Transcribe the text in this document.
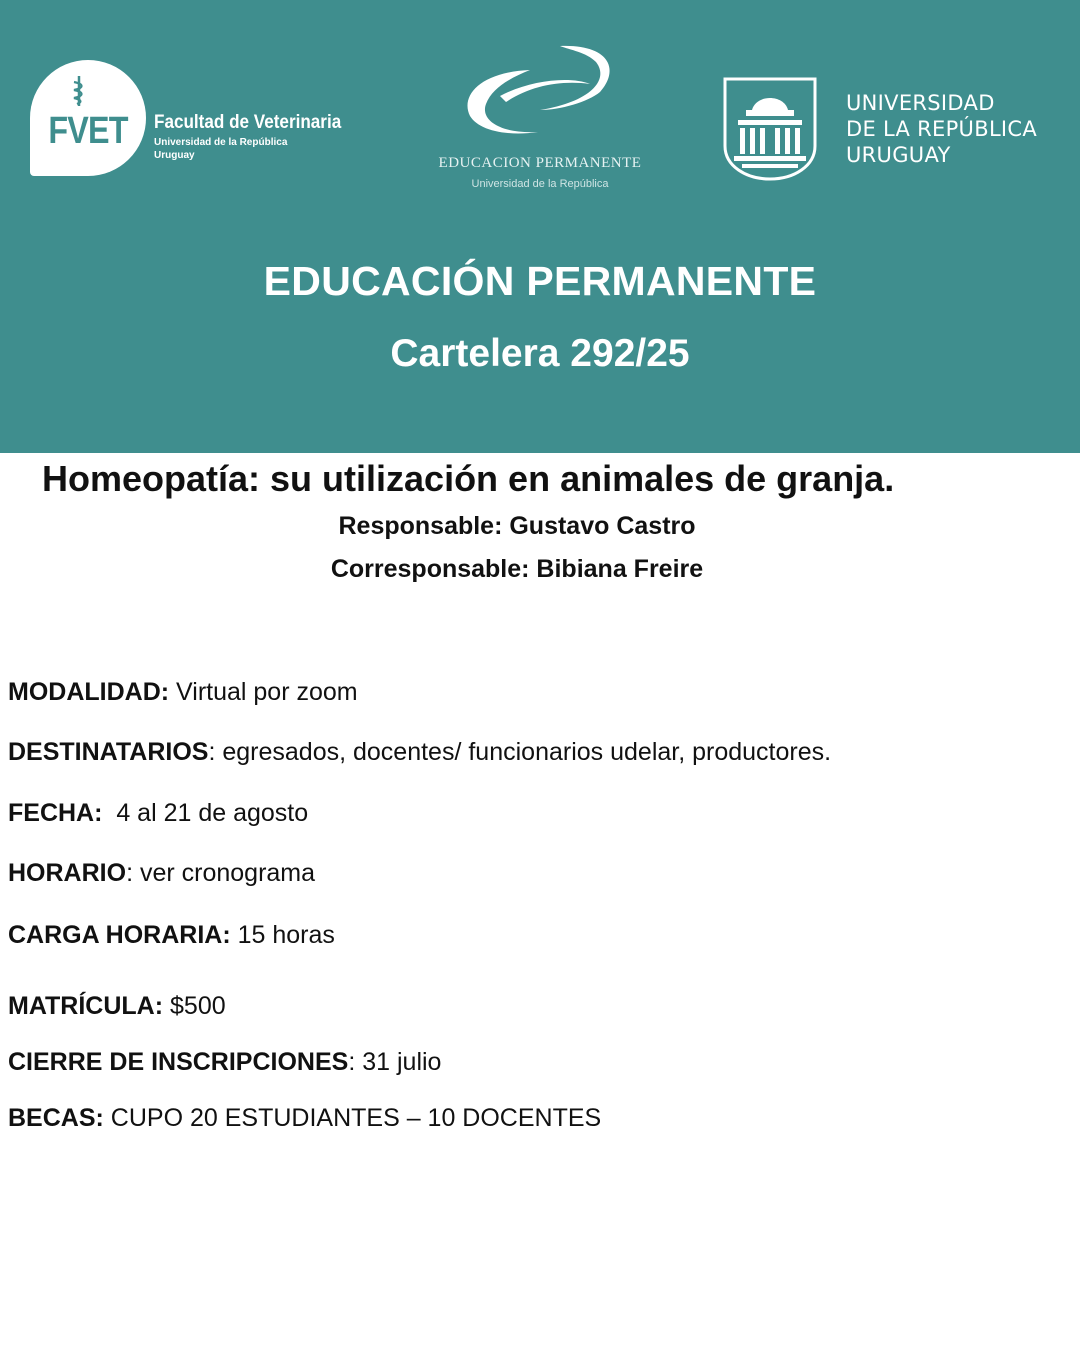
FVET	Facultad de Veterinaria
Universidad de la República
Uruguay	EDUCACION PERMANENTE
Universidad de la República
UNIVERSIDAD
DE LA REPÚBLICA
URUGUAY
EDUCACIÓN PERMANENTE
Cartelera 292/25
Homeopatía: su utilización en animales de granja.
Responsable: Gustavo Castro
Corresponsable: Bibiana Freire
MODALIDAD: Virtual por zoom
DESTINATARIOS: egresados, docentes/ funcionarios udelar, productores.
FECHA:  4 al 21 de agosto
HORARIO: ver cronograma
CARGA HORARIA: 15 horas
MATRÍCULA: $500
CIERRE DE INSCRIPCIONES: 31 julio
BECAS: CUPO 20 ESTUDIANTES – 10 DOCENTES
